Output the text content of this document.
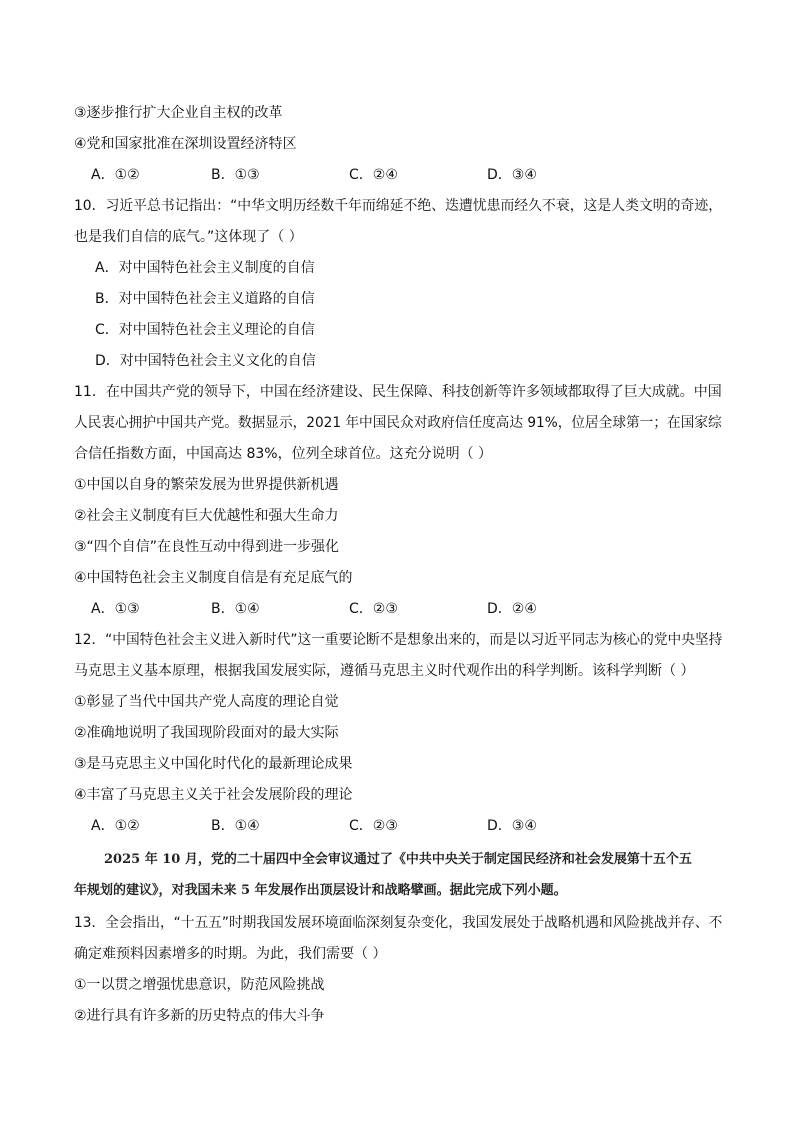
③逐步推行扩大企业自主权的改革
④党和国家批准在深圳设置经济特区
A．①②	B．①③	C．②④	D．③④
10．习近平总书记指出：“中华文明历经数千年而绵延不绝、迭遭忧患而经久不衰，这是人类文明的奇迹，
也是我们自信的底气。”这体现了（ ）
A．对中国特色社会主义制度的自信
B．对中国特色社会主义道路的自信
C．对中国特色社会主义理论的自信
D．对中国特色社会主义文化的自信
11．在中国共产党的领导下，中国在经济建设、民生保障、科技创新等许多领域都取得了巨大成就。中国
人民衷心拥护中国共产党。数据显示，2021 年中国民众对政府信任度高达 91%，位居全球第一；在国家综
合信任指数方面，中国高达 83%，位列全球首位。这充分说明（ ）
①中国以自身的繁荣发展为世界提供新机遇
②社会主义制度有巨大优越性和强大生命力
③“四个自信”在良性互动中得到进一步强化
④中国特色社会主义制度自信是有充足底气的
A．①③	B．①④	C．②③	D．②④
12．“中国特色社会主义进入新时代”这一重要论断不是想象出来的，而是以习近平同志为核心的党中央坚持
马克思主义基本原理，根据我国发展实际，遵循马克思主义时代观作出的科学判断。该科学判断（ ）
①彰显了当代中国共产党人高度的理论自觉
②准确地说明了我国现阶段面对的最大实际
③是马克思主义中国化时代化的最新理论成果
④丰富了马克思主义关于社会发展阶段的理论
A．①②	B．①④	C．②③	D．③④
2025 年 10 月，党的二十届四中全会审议通过了《中共中央关于制定国民经济和社会发展第十五个五
年规划的建议》，对我国未来 5 年发展作出顶层设计和战略擘画。据此完成下列小题。
13．全会指出，“十五五”时期我国发展环境面临深刻复杂变化，我国发展处于战略机遇和风险挑战并存、不
确定难预料因素增多的时期。为此，我们需要（ ）
①一以贯之增强忧患意识，防范风险挑战
②进行具有许多新的历史特点的伟大斗争
